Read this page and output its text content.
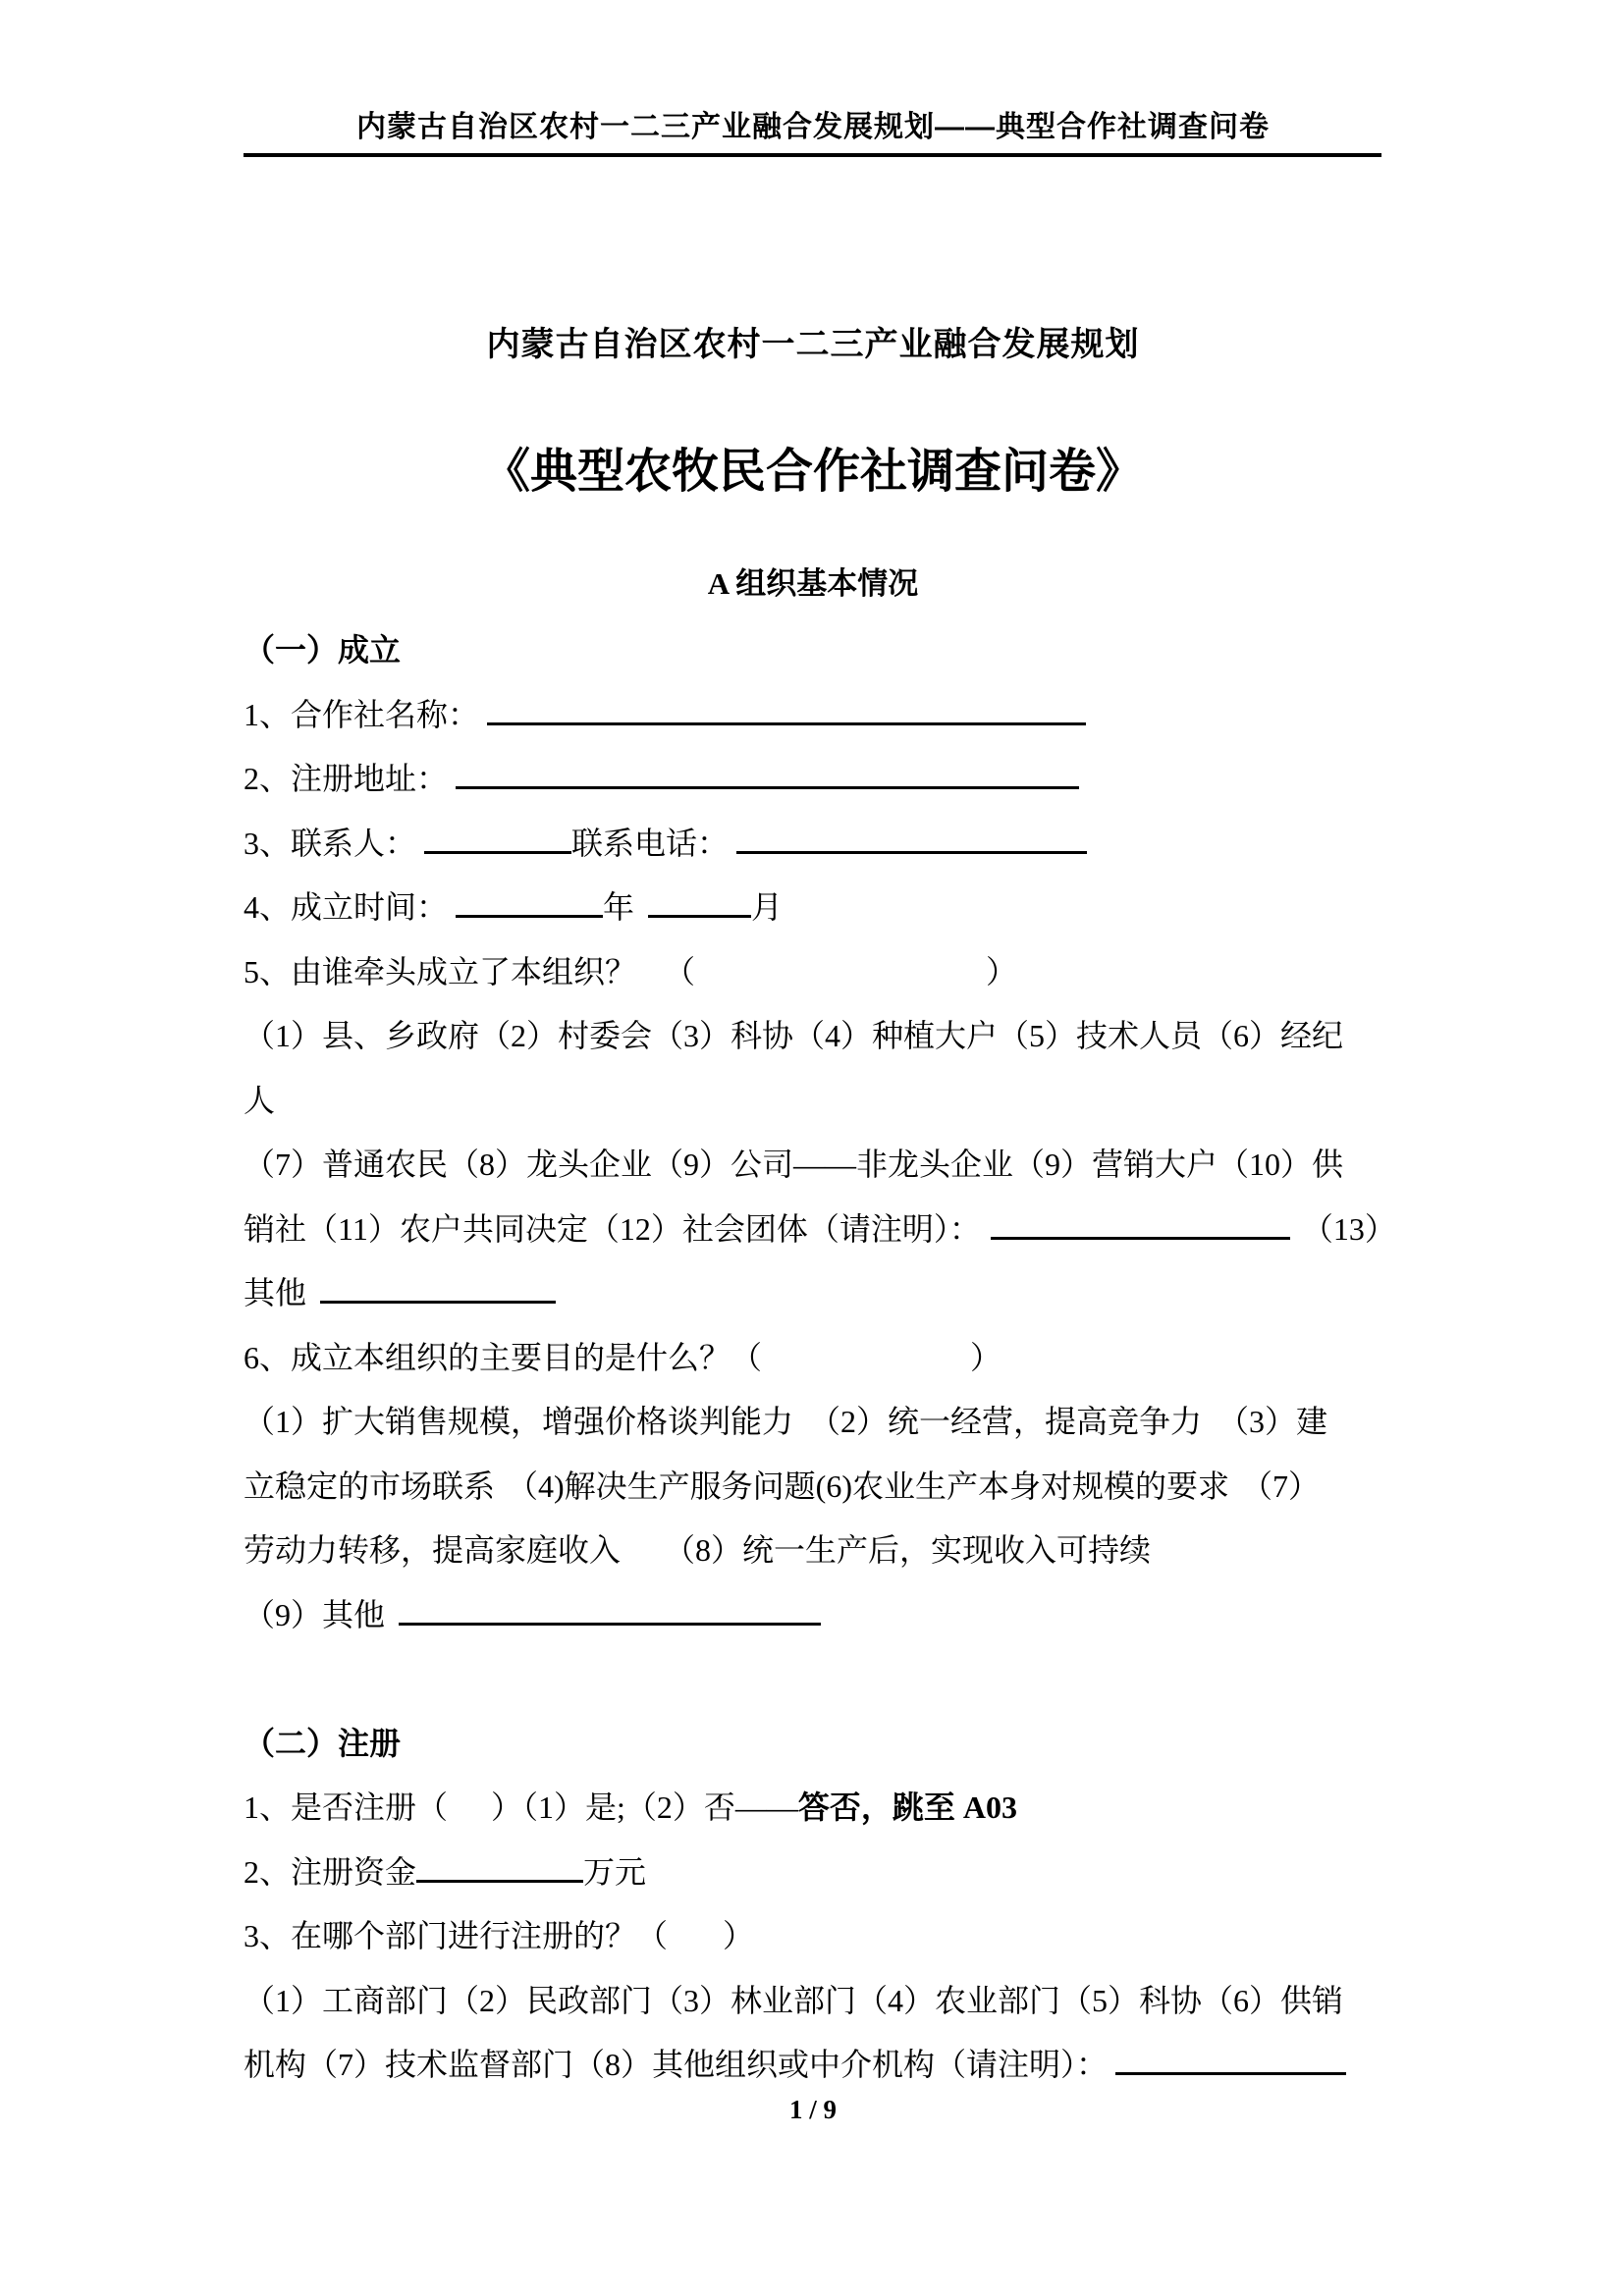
内蒙古自治区农村一二三产业融合发展规划——典型合作社调查问卷
内蒙古自治区农村一二三产业融合发展规划
《典型农牧民合作社调查问卷》
A 组织基本情况
（一）成立
1、合作社名称：
2、注册地址：
3、联系人：	联系电话：
4、成立时间：	年	月
5、由谁牵头成立了本组织？ （	）
（1）县、乡政府（2）村委会（3）科协（4）种植大户（5）技术人员（6）经纪
人
（7）普通农民（8）龙头企业（9）公司——非龙头企业（9）营销大户（10）供
销社（11）农户共同决定（12）社会团体（请注明）：	（13）
其他
6、成立本组织的主要目的是什么？（	）
（1）扩大销售规模，增强价格谈判能力 （2）统一经营，提高竞争力 （3）建
立稳定的市场联系 （4)解决生产服务问题(6)农业生产本身对规模的要求 （7）
劳动力转移，提高家庭收入 （8）统一生产后，实现收入可持续
（9）其他
（二）注册
1、是否注册（ ）（1）是;（2）否——答否，跳至 A03
2、注册资金	万元
3、在哪个部门进行注册的？（ ）
（1）工商部门（2）民政部门（3）林业部门（4）农业部门（5）科协（6）供销
机构（7）技术监督部门（8）其他组织或中介机构（请注明）：
1 / 9
